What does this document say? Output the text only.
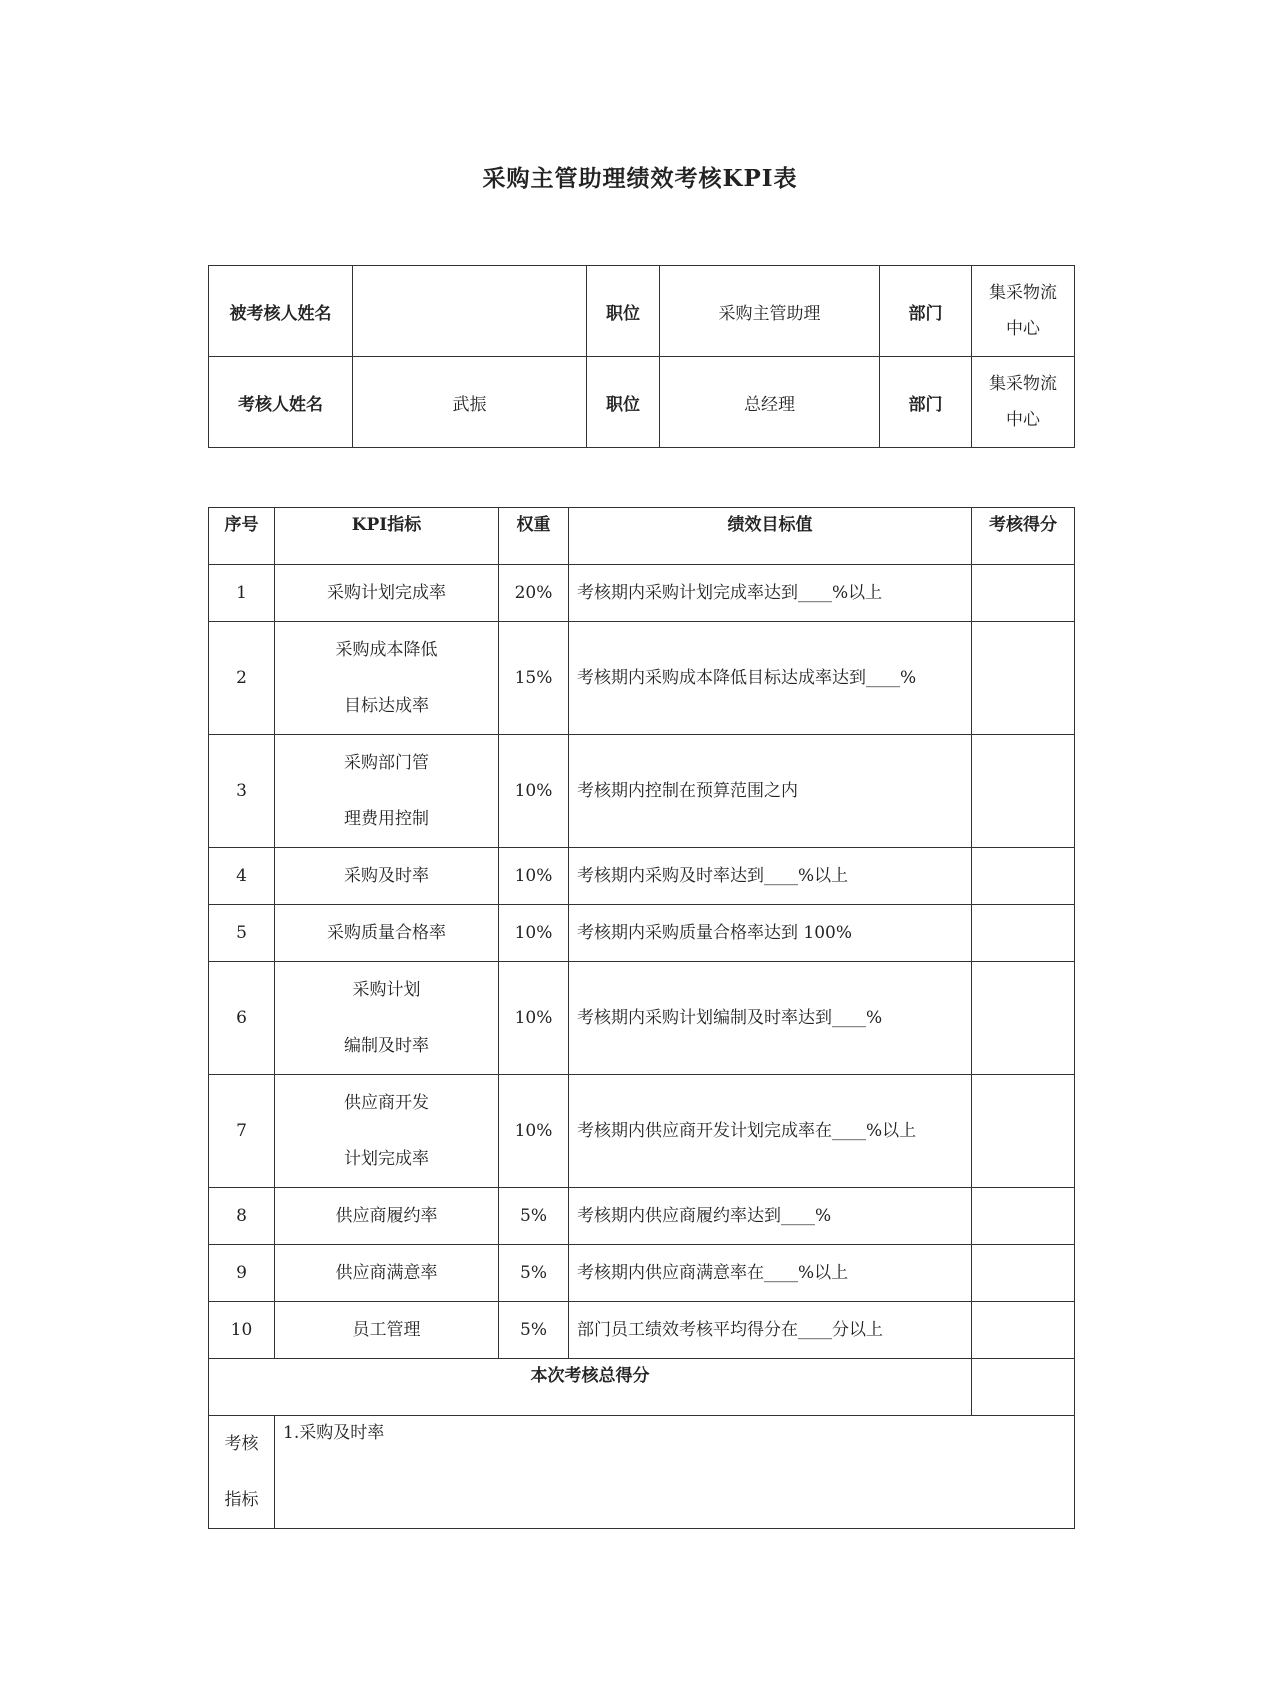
采购主管助理绩效考核KPI表
被考核人姓名		职位	采购主管助理	部门	集采物流
中心

考核人姓名	武振	职位	总经理	部门	集采物流
中心
序号	KPI指标	权重	绩效目标值	考核得分
1	采购计划完成率	20%	考核期内采购计划完成率达到____%以上	
2	采购成本降低
目标达成率	15%	考核期内采购成本降低目标达成率达到____%	
3	采购部门管
理费用控制	10%	考核期内控制在预算范围之内	
4	采购及时率	10%	考核期内采购及时率达到____%以上	
5	采购质量合格率	10%	考核期内采购质量合格率达到 100%	
6	采购计划
编制及时率	10%	考核期内采购计划编制及时率达到____%	
7	供应商开发
计划完成率	10%	考核期内供应商开发计划完成率在____%以上	
8	供应商履约率	5%	考核期内供应商履约率达到____%	
9	供应商满意率	5%	考核期内供应商满意率在____%以上	
10	员工管理	5%	部门员工绩效考核平均得分在____分以上	
本次考核总得分				

考核
指标	1.采购及时率			
